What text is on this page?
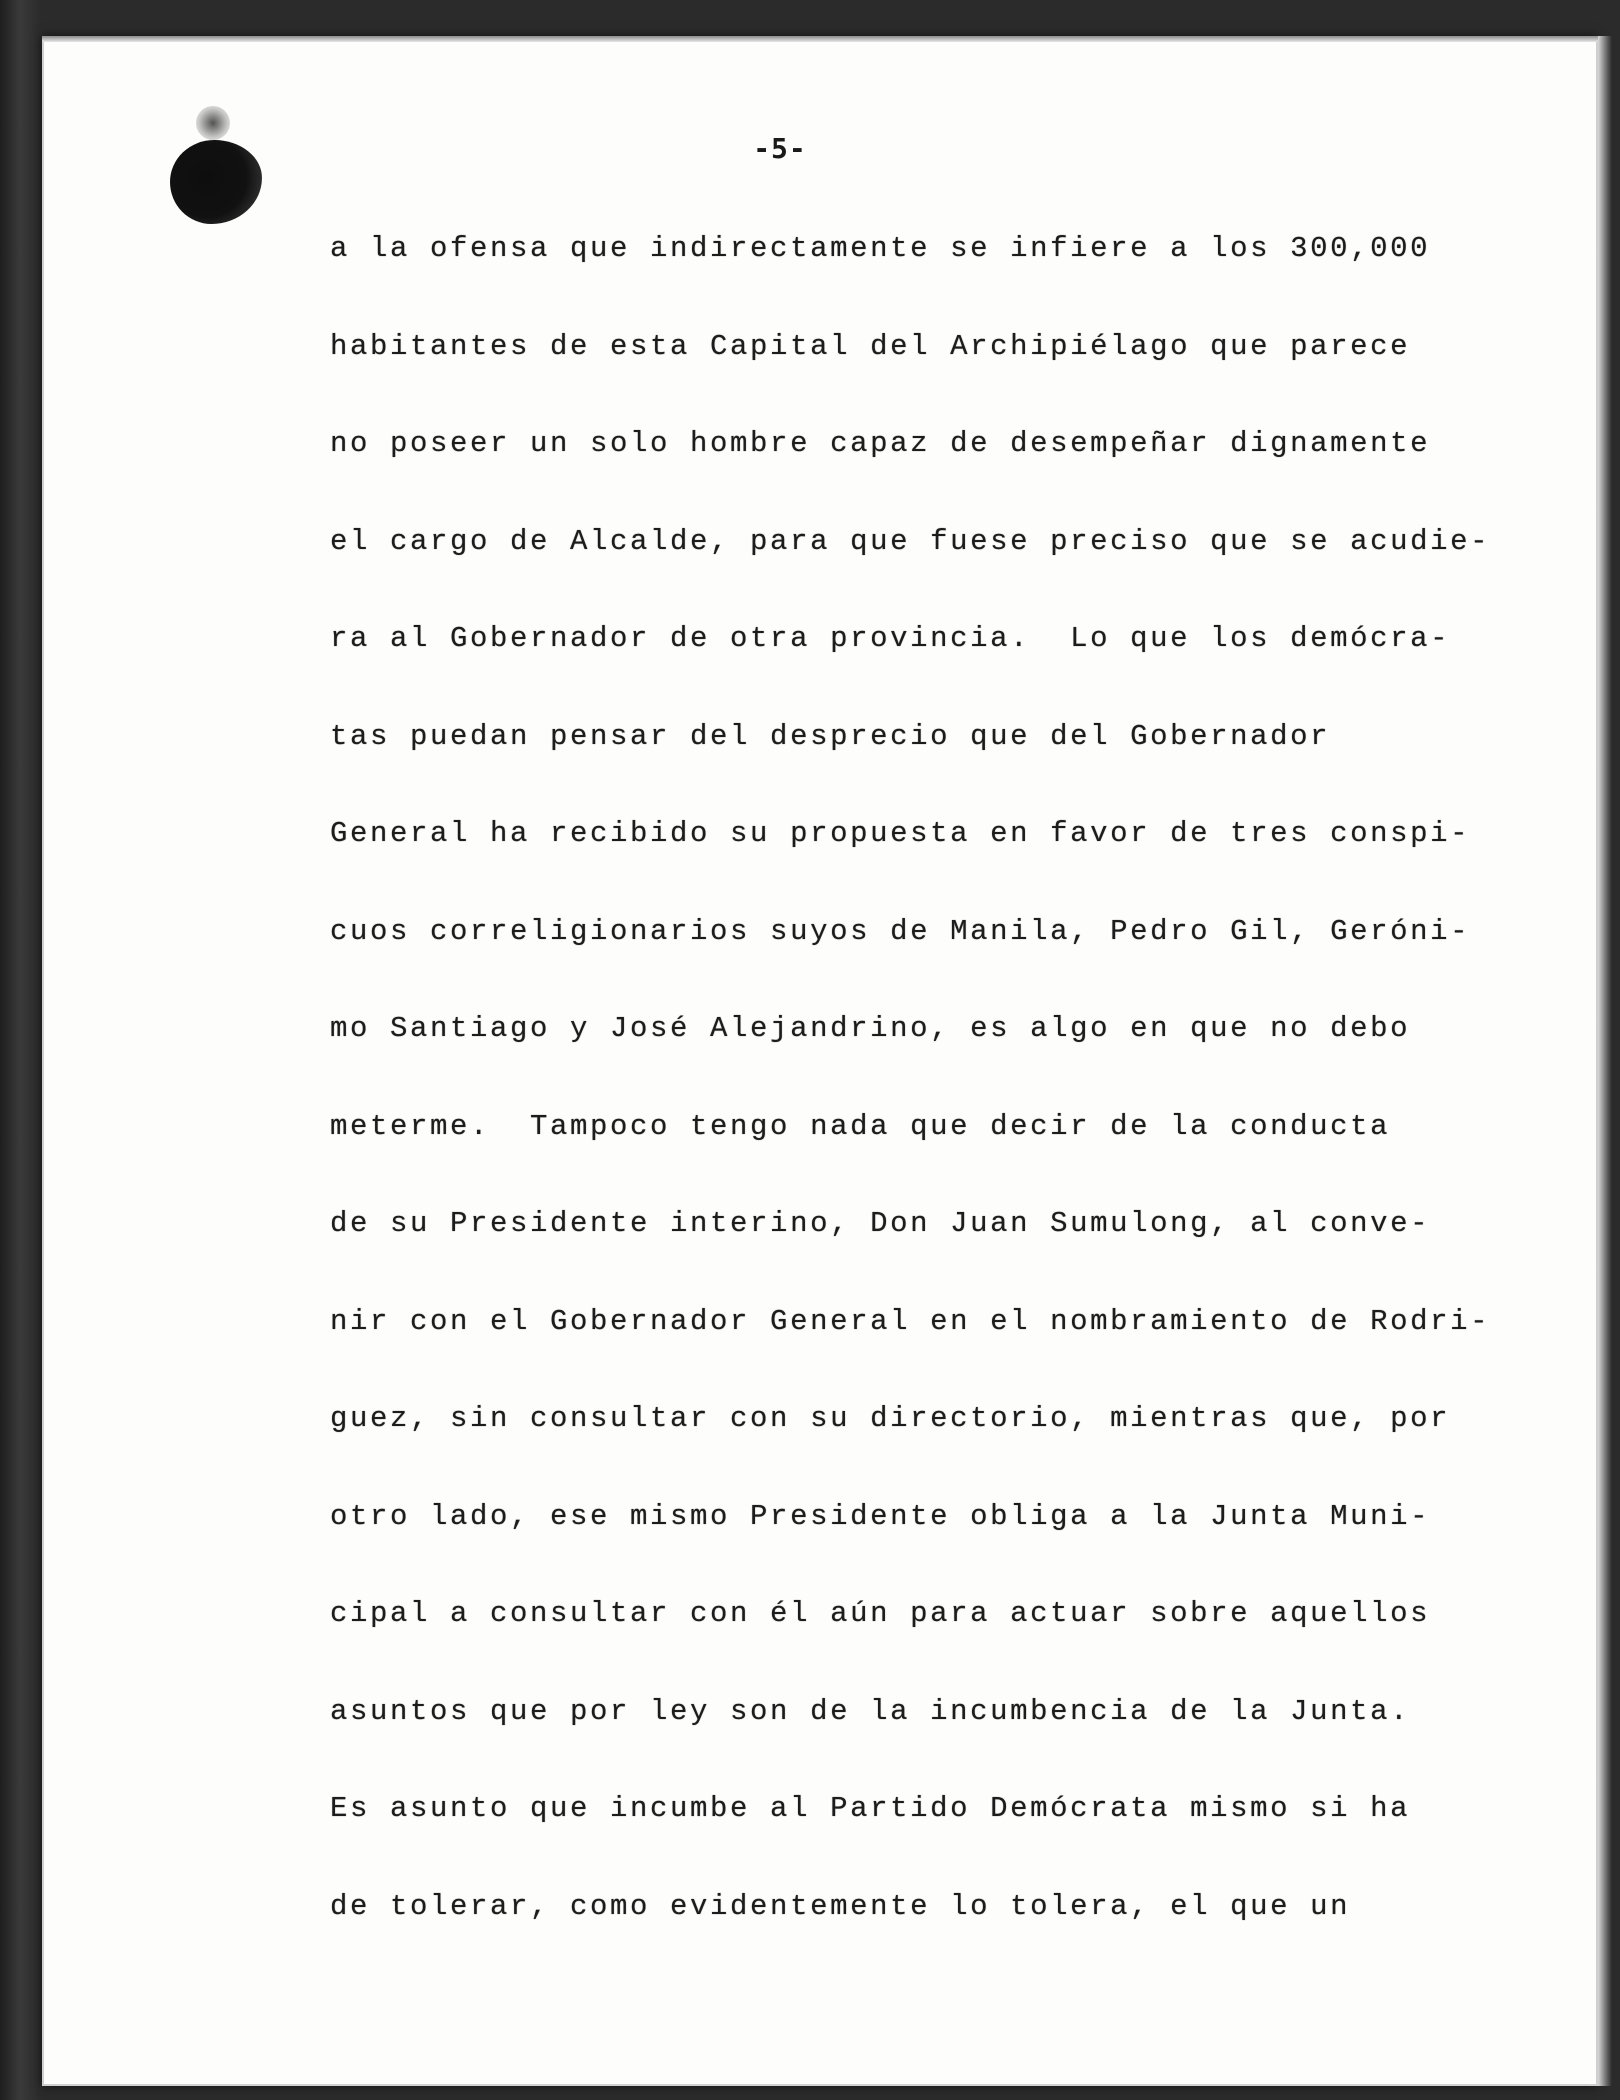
-5-
a la ofensa que indirectamente se infiere a los 300,000
habitantes de esta Capital del Archipiélago que parece
no poseer un solo hombre capaz de desempeñar dignamente
el cargo de Alcalde, para que fuese preciso que se acudie-
ra al Gobernador de otra provincia.  Lo que los demócra-
tas puedan pensar del desprecio que del Gobernador
General ha recibido su propuesta en favor de tres conspi-
cuos correligionarios suyos de Manila, Pedro Gil, Geróni-
mo Santiago y José Alejandrino, es algo en que no debo
meterme.  Tampoco tengo nada que decir de la conducta
de su Presidente interino, Don Juan Sumulong, al conve-
nir con el Gobernador General en el nombramiento de Rodri-
guez, sin consultar con su directorio, mientras que, por
otro lado, ese mismo Presidente obliga a la Junta Muni-
cipal a consultar con él aún para actuar sobre aquellos
asuntos que por ley son de la incumbencia de la Junta.
Es asunto que incumbe al Partido Demócrata mismo si ha
de tolerar, como evidentemente lo tolera, el que un
